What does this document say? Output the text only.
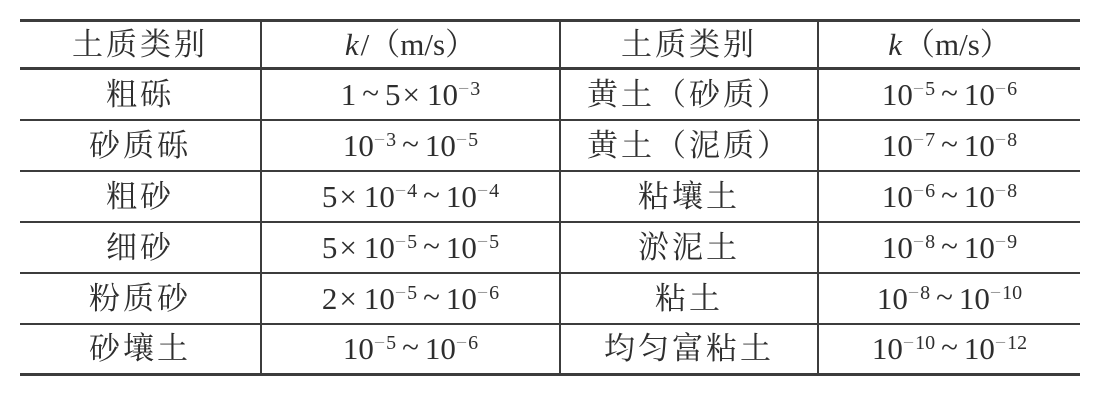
土质类别	k/（m/s）	土质类别	k（m/s）
粗砾	1 ~ $5\times 10^{-3}$	黄土（砂质）	$10^{-5}$ ~ $10^{-6}$
砂质砾	$10^{-3}$ ~ $10^{-5}$	黄土（泥质）	$10^{-7}$ ~ $10^{-8}$
粗砂	$5\times 10^{-4}$ ~ $10^{-4}$	粘壤土	$10^{-6}$ ~ $10^{-8}$
细砂	$5\times 10^{-5}$ ~ $10^{-5}$	淤泥土	$10^{-8}$ ~ $10^{-9}$
粉质砂	$2\times 10^{-5}$ ~ $10^{-6}$	粘土	$10^{-8}$ ~ $10^{-10}$
砂壤土	$10^{-5}$ ~ $10^{-6}$	均匀富粘土	$10^{-10}$ ~ $10^{-12}$
